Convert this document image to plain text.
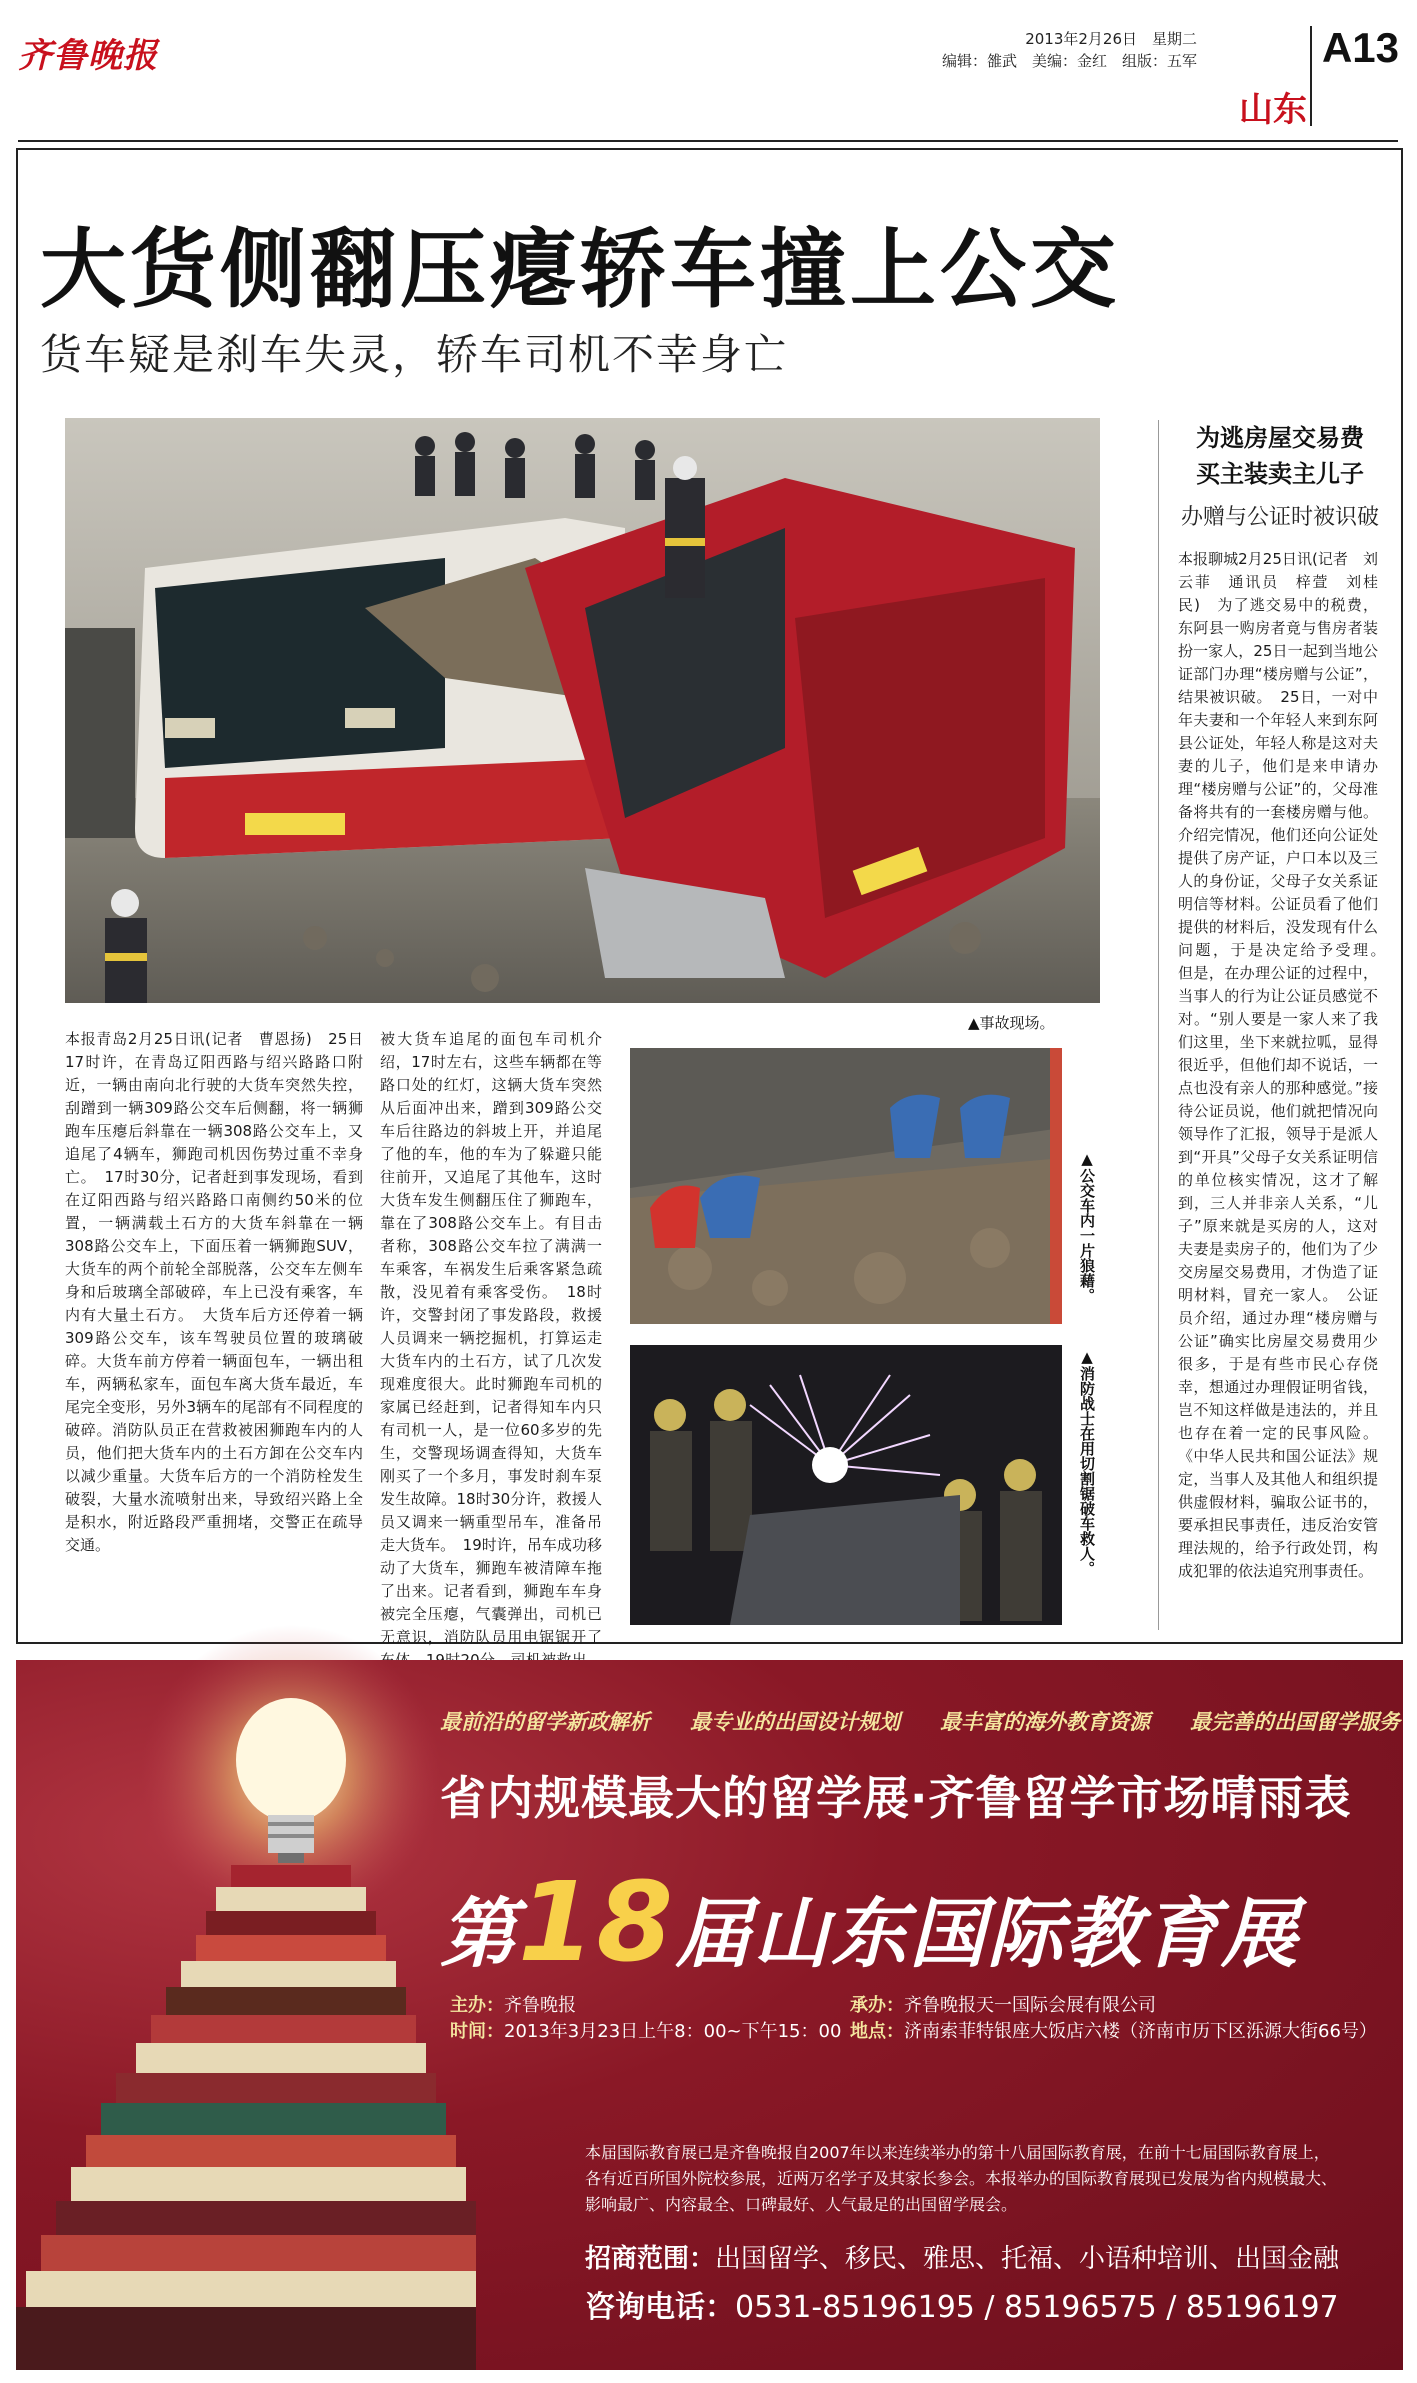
齐鲁晚报	2013年2月26日　星期二
编辑：雒武　美编：金红　组版：五军
山东
A13
大货侧翻压瘪轿车撞上公交
货车疑是刹车失灵，轿车司机不幸身亡
▲事故现场。
本报青岛2月25日讯(记者　曹恩扬)　25日17时许，在青岛辽阳西路与绍兴路路口附近，一辆由南向北行驶的大货车突然失控，刮蹭到一辆309路公交车后侧翻，将一辆狮跑车压瘪后斜靠在一辆308路公交车上，又追尾了4辆车，狮跑司机因伤势过重不幸身亡。　17时30分，记者赶到事发现场，看到在辽阳西路与绍兴路路口南侧约50米的位置，一辆满载土石方的大货车斜靠在一辆308路公交车上，下面压着一辆狮跑SUV，大货车的两个前轮全部脱落，公交车左侧车身和后玻璃全部破碎，车上已没有乘客，车内有大量土石方。　大货车后方还停着一辆309路公交车，该车驾驶员位置的玻璃破碎。大货车前方停着一辆面包车，一辆出租车，两辆私家车，面包车离大货车最近，车尾完全变形，另外3辆车的尾部有不同程度的破碎。消防队员正在营救被困狮跑车内的人员，他们把大货车内的土石方卸在公交车内以减少重量。大货车后方的一个消防栓发生破裂，大量水流喷射出来，导致绍兴路上全是积水，附近路段严重拥堵，交警正在疏导交通。
被大货车追尾的面包车司机介绍，17时左右，这些车辆都在等路口处的红灯，这辆大货车突然从后面冲出来，蹭到309路公交车后往路边的斜坡上开，并追尾了他的车，他的车为了躲避只能往前开，又追尾了其他车，这时大货车发生侧翻压住了狮跑车，靠在了308路公交车上。有目击者称，308路公交车拉了满满一车乘客，车祸发生后乘客紧急疏散，没见着有乘客受伤。　18时许，交警封闭了事发路段，救援人员调来一辆挖掘机，打算运走大货车内的土石方，试了几次发现难度很大。此时狮跑车司机的家属已经赶到，记者得知车内只有司机一人，是一位60多岁的先生，交警现场调查得知，大货车刚买了一个多月，事发时刹车泵发生故障。18时30分许，救援人员又调来一辆重型吊车，准备吊走大货车。　19时许，吊车成功移动了大货车，狮跑车被清障车拖了出来。记者看到，狮跑车车身被完全压瘪，气囊弹出，司机已无意识，消防队员用电锯锯开了　　　
▲公交车内一片狼藉。
▲消防战士在用切割锯破车救人。
为逃房屋交易费
买主装卖主儿子
办赠与公证时被识破
本报聊城2月25日讯(记者　刘云菲　通讯员　梓萱　刘桂民)　为了逃交易中的税费，东阿县一购房者竟与售房者装扮一家人，25日一起到当地公证部门办理“楼房赠与公证”，结果被识破。　25日，一对中年夫妻和一个年轻人来到东阿县公证处，年轻人称是这对夫妻的儿子，他们是来申请办理“楼房赠与公证”的，父母准备将共有的一套楼房赠与他。介绍完情况，他们还向公证处提供了房产证，户口本以及三人的身份证，父母子女关系证明信等材料。公证员看了他们提供的材料后，没发现有什么问题，于是决定给予受理。　但是，在办理公证的过程中，当事人的行为让公证员感觉不对。“别人要是一家人来了我们这里，坐下来就拉呱，显得很近乎，但他们却不说话，一点也没有亲人的那种感觉。”接待公证员说，他们就把情况向领导作了汇报，领导于是派人到“开具”父母子女关系证明信的单位核实情况，这才了解到，三人并非亲人关系，“儿子”原来就是买房的人，这对夫妻是卖房子的，他们为了少交房屋交易费用，才伪造了证明材料，冒充一家人。　公证员介绍，通过办理“楼房赠与公证”确实比房屋交易费用少很多，于是有些市民心存侥幸，想通过办理假证明省钱，岂不知这样做是违法的，并且也存在着一定的民事风险。《中华人民共和国公证法》规定，当事人及其他人和组织提供虚假材料，骗取公证书的，要承担民事责任，违反治安管理法规的，给予行政处罚，构成犯罪的依法追究刑事责任。
最前沿的留学新政解析 最专业的出国设计规划 最丰富的海外教育资源 最完善的出国留学服务
省内规模最大的留学展·齐鲁留学市场晴雨表
第18届山东国际教育展
主办：齐鲁晚报
时间：2013年3月23日上午8：00~下午15：00
承办：齐鲁晚报天一国际会展有限公司
地点：济南索菲特银座大饭店六楼（济南市历下区泺源大街66号）
本届国际教育展已是齐鲁晚报自2007年以来连续举办的第十八届国际教育展，在前十七届国际教育展上，各有近百所国外院校参展，近两万名学子及其家长参会。本报举办的国际教育展现已发展为省内规模最大、影响最广、内容最全、口碑最好、人气最足的出国留学展会。
招商范围：出国留学、移民、雅思、托福、小语种培训、出国金融
咨询电话：0531-85196195 / 85196575 / 85196197
